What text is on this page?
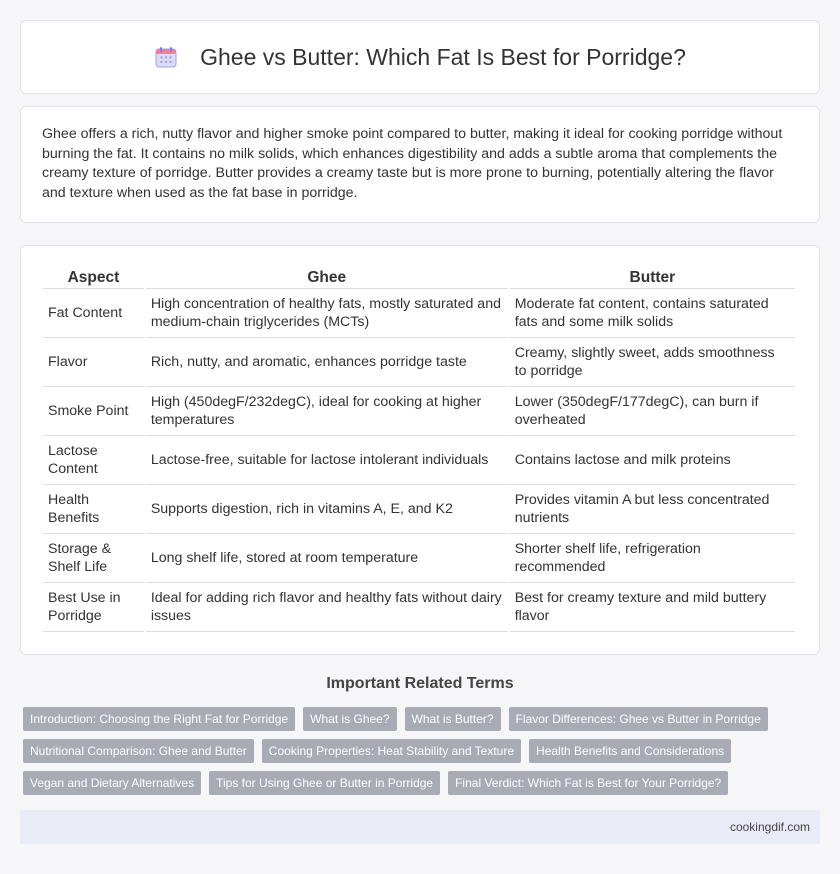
Ghee vs Butter: Which Fat Is Best for Porridge?

Ghee offers a rich, nutty flavor and higher smoke point compared to butter, making it ideal for cooking porridge without burning the fat. It contains no milk solids, which enhances digestibility and adds a subtle aroma that complements the creamy texture of porridge. Butter provides a creamy taste but is more prone to burning, potentially altering the flavor and texture when used as the fat base in porridge.

Aspect	Ghee	Butter
Fat Content	High concentration of healthy fats, mostly saturated and medium-chain triglycerides (MCTs)	Moderate fat content, contains saturated fats and some milk solids
Flavor	Rich, nutty, and aromatic, enhances porridge taste	Creamy, slightly sweet, adds smoothness to porridge
Smoke Point	High (450degF/232degC), ideal for cooking at higher temperatures	Lower (350degF/177degC), can burn if overheated
Lactose Content	Lactose-free, suitable for lactose intolerant individuals	Contains lactose and milk proteins
Health Benefits	Supports digestion, rich in vitamins A, E, and K2	Provides vitamin A but less concentrated nutrients
Storage & Shelf Life	Long shelf life, stored at room temperature	Shorter shelf life, refrigeration recommended
Best Use in Porridge	Ideal for adding rich flavor and healthy fats without dairy issues	Best for creamy texture and mild buttery flavor
Important Related Terms
Introduction: Choosing the Right Fat for Porridge	What is Ghee?	What is Butter?	Flavor Differences: Ghee vs Butter in Porridge
Nutritional Comparison: Ghee and Butter	Cooking Properties: Heat Stability and Texture	Health Benefits and Considerations
Vegan and Dietary Alternatives	Tips for Using Ghee or Butter in Porridge	Final Verdict: Which Fat is Best for Your Porridge?
cookingdif.com
